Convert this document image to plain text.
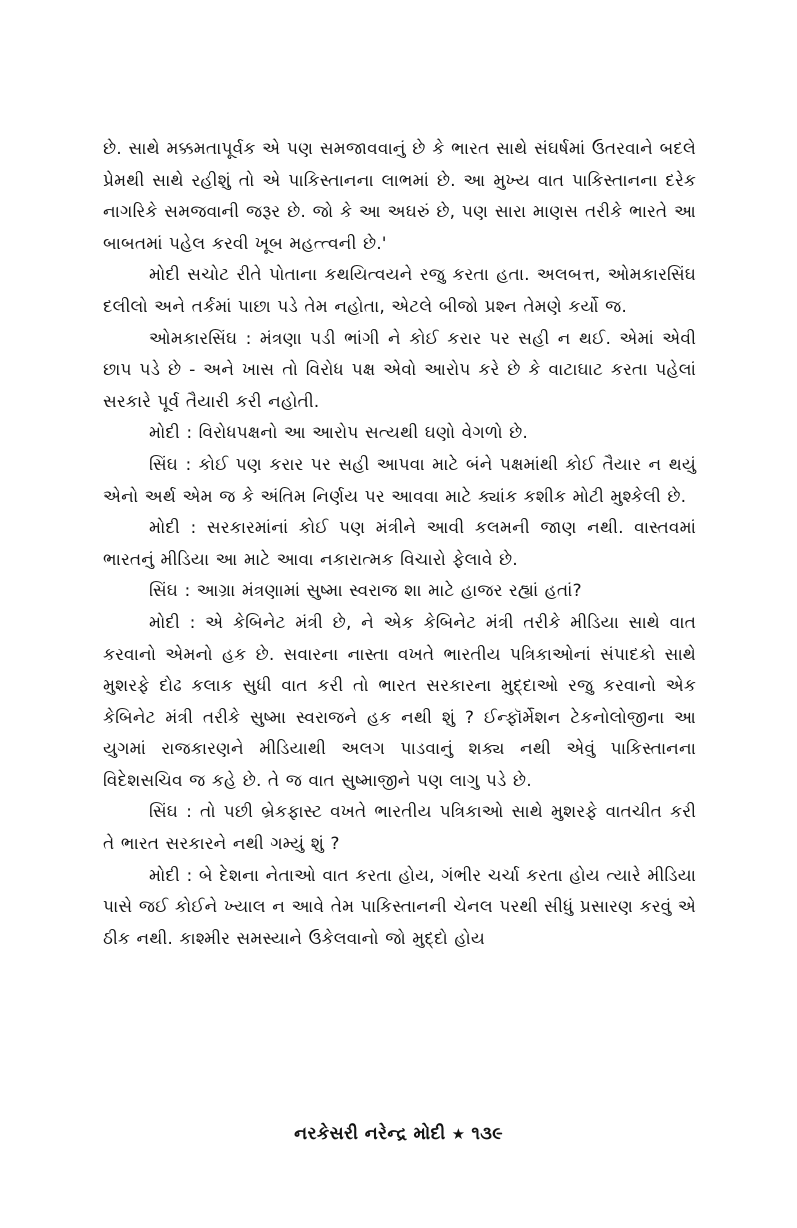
છે. સાથે મક્કમતાપૂર્વક એ પણ સમજાવવાનું છે કે ભારત સાથે સંઘર્ષમાં ઉતરવાને બદલે પ્રેમથી સાથે રહીશું તો એ પાકિસ્તાનના લાભમાં છે. આ મુખ્ય વાત પાકિસ્તાનના દરેક નાગરિકે સમજવાની જરૂર છે. જો કે આ અઘરું છે, પણ સારા માણસ તરીકે ભારતે આ બાબતમાં પહેલ કરવી ખૂબ મહત્ત્વની છે.'

મોદી સચોટ રીતે પોતાના કથયિત્વયને રજુ કરતા હતા. અલબત્ત, ઓમકારસિંઘ દલીલો અને તર્કમાં પાછા પડે તેમ નહોતા, એટલે બીજો પ્રશ્ન તેમણે કર્યો જ.

ઓમકારસિંઘ : મંત્રણા પડી ભાંગી ને કોઈ કરાર પર સહી ન થઈ. એમાં એવી છાપ પડે છે - અને ખાસ તો વિરોધ પક્ષ એવો આરોપ કરે છે કે વાટાઘાટ કરતા પહેલાં સરકારે પૂર્વ તૈયારી કરી નહોતી.

મોદી : વિરોધપક્ષનો આ આરોપ સત્યથી ઘણો વેગળો છે.

સિંઘ : કોઈ પણ કરાર પર સહી આપવા માટે બંને પક્ષમાંથી કોઈ તૈયાર ન થયું એનો અર્થ એમ જ કે અંતિમ નિર્ણય પર આવવા માટે ક્યાંક કશીક મોટી મુશ્કેલી છે.

મોદી : સરકારમાંનાં કોઈ પણ મંત્રીને આવી કલમની જાણ નથી. વાસ્તવમાં ભારતનું મીડિયા આ માટે આવા નકારાત્મક વિચારો ફેલાવે છે.

સિંઘ : આગ્રા મંત્રણામાં સુષ્મા સ્વરાજ શા માટે હાજર રહ્યાં હતાં?

મોદી : એ કેબિનેટ મંત્રી છે, ને એક કેબિનેટ મંત્રી તરીકે મીડિયા સાથે વાત કરવાનો એમનો હક છે. સવારના નાસ્તા વખતે ભારતીય પત્રિકાઓનાં સંપાદકો સાથે મુશરફે દોઢ કલાક સુધી વાત કરી તો ભારત સરકારના મુદ્દાઓ રજુ કરવાનો એક કેબિનેટ મંત્રી તરીકે સુષ્મા સ્વરાજને હક નથી શું ? ઈન્ફૉર્મેશન ટેકનોલોજીના આ યુગમાં રાજકારણને મીડિયાથી અલગ પાડવાનું શક્ય નથી એવું પાકિસ્તાનના વિદેશસચિવ જ કહે છે. તે જ વાત સુષ્માજીને પણ લાગુ પડે છે.

સિંઘ : તો પછી બ્રેકફાસ્ટ વખતે ભારતીય પત્રિકાઓ સાથે મુશરફે વાતચીત કરી તે ભારત સરકારને નથી ગમ્યું શું ?

મોદી : બે દેશના નેતાઓ વાત કરતા હોય, ગંભીર ચર્ચા કરતા હોય ત્યારે મીડિયા પાસે જઈ કોઈને ખ્યાલ ન આવે તેમ પાકિસ્તાનની ચેનલ પરથી સીધું પ્રસારણ કરવું એ ઠીક નથી. કાશ્મીર સમસ્યાને ઉકેલવાનો જો મુદ્દો હોય

નરકેસરી નરેન્દ્ર મોદી ★ ૧૩૯
